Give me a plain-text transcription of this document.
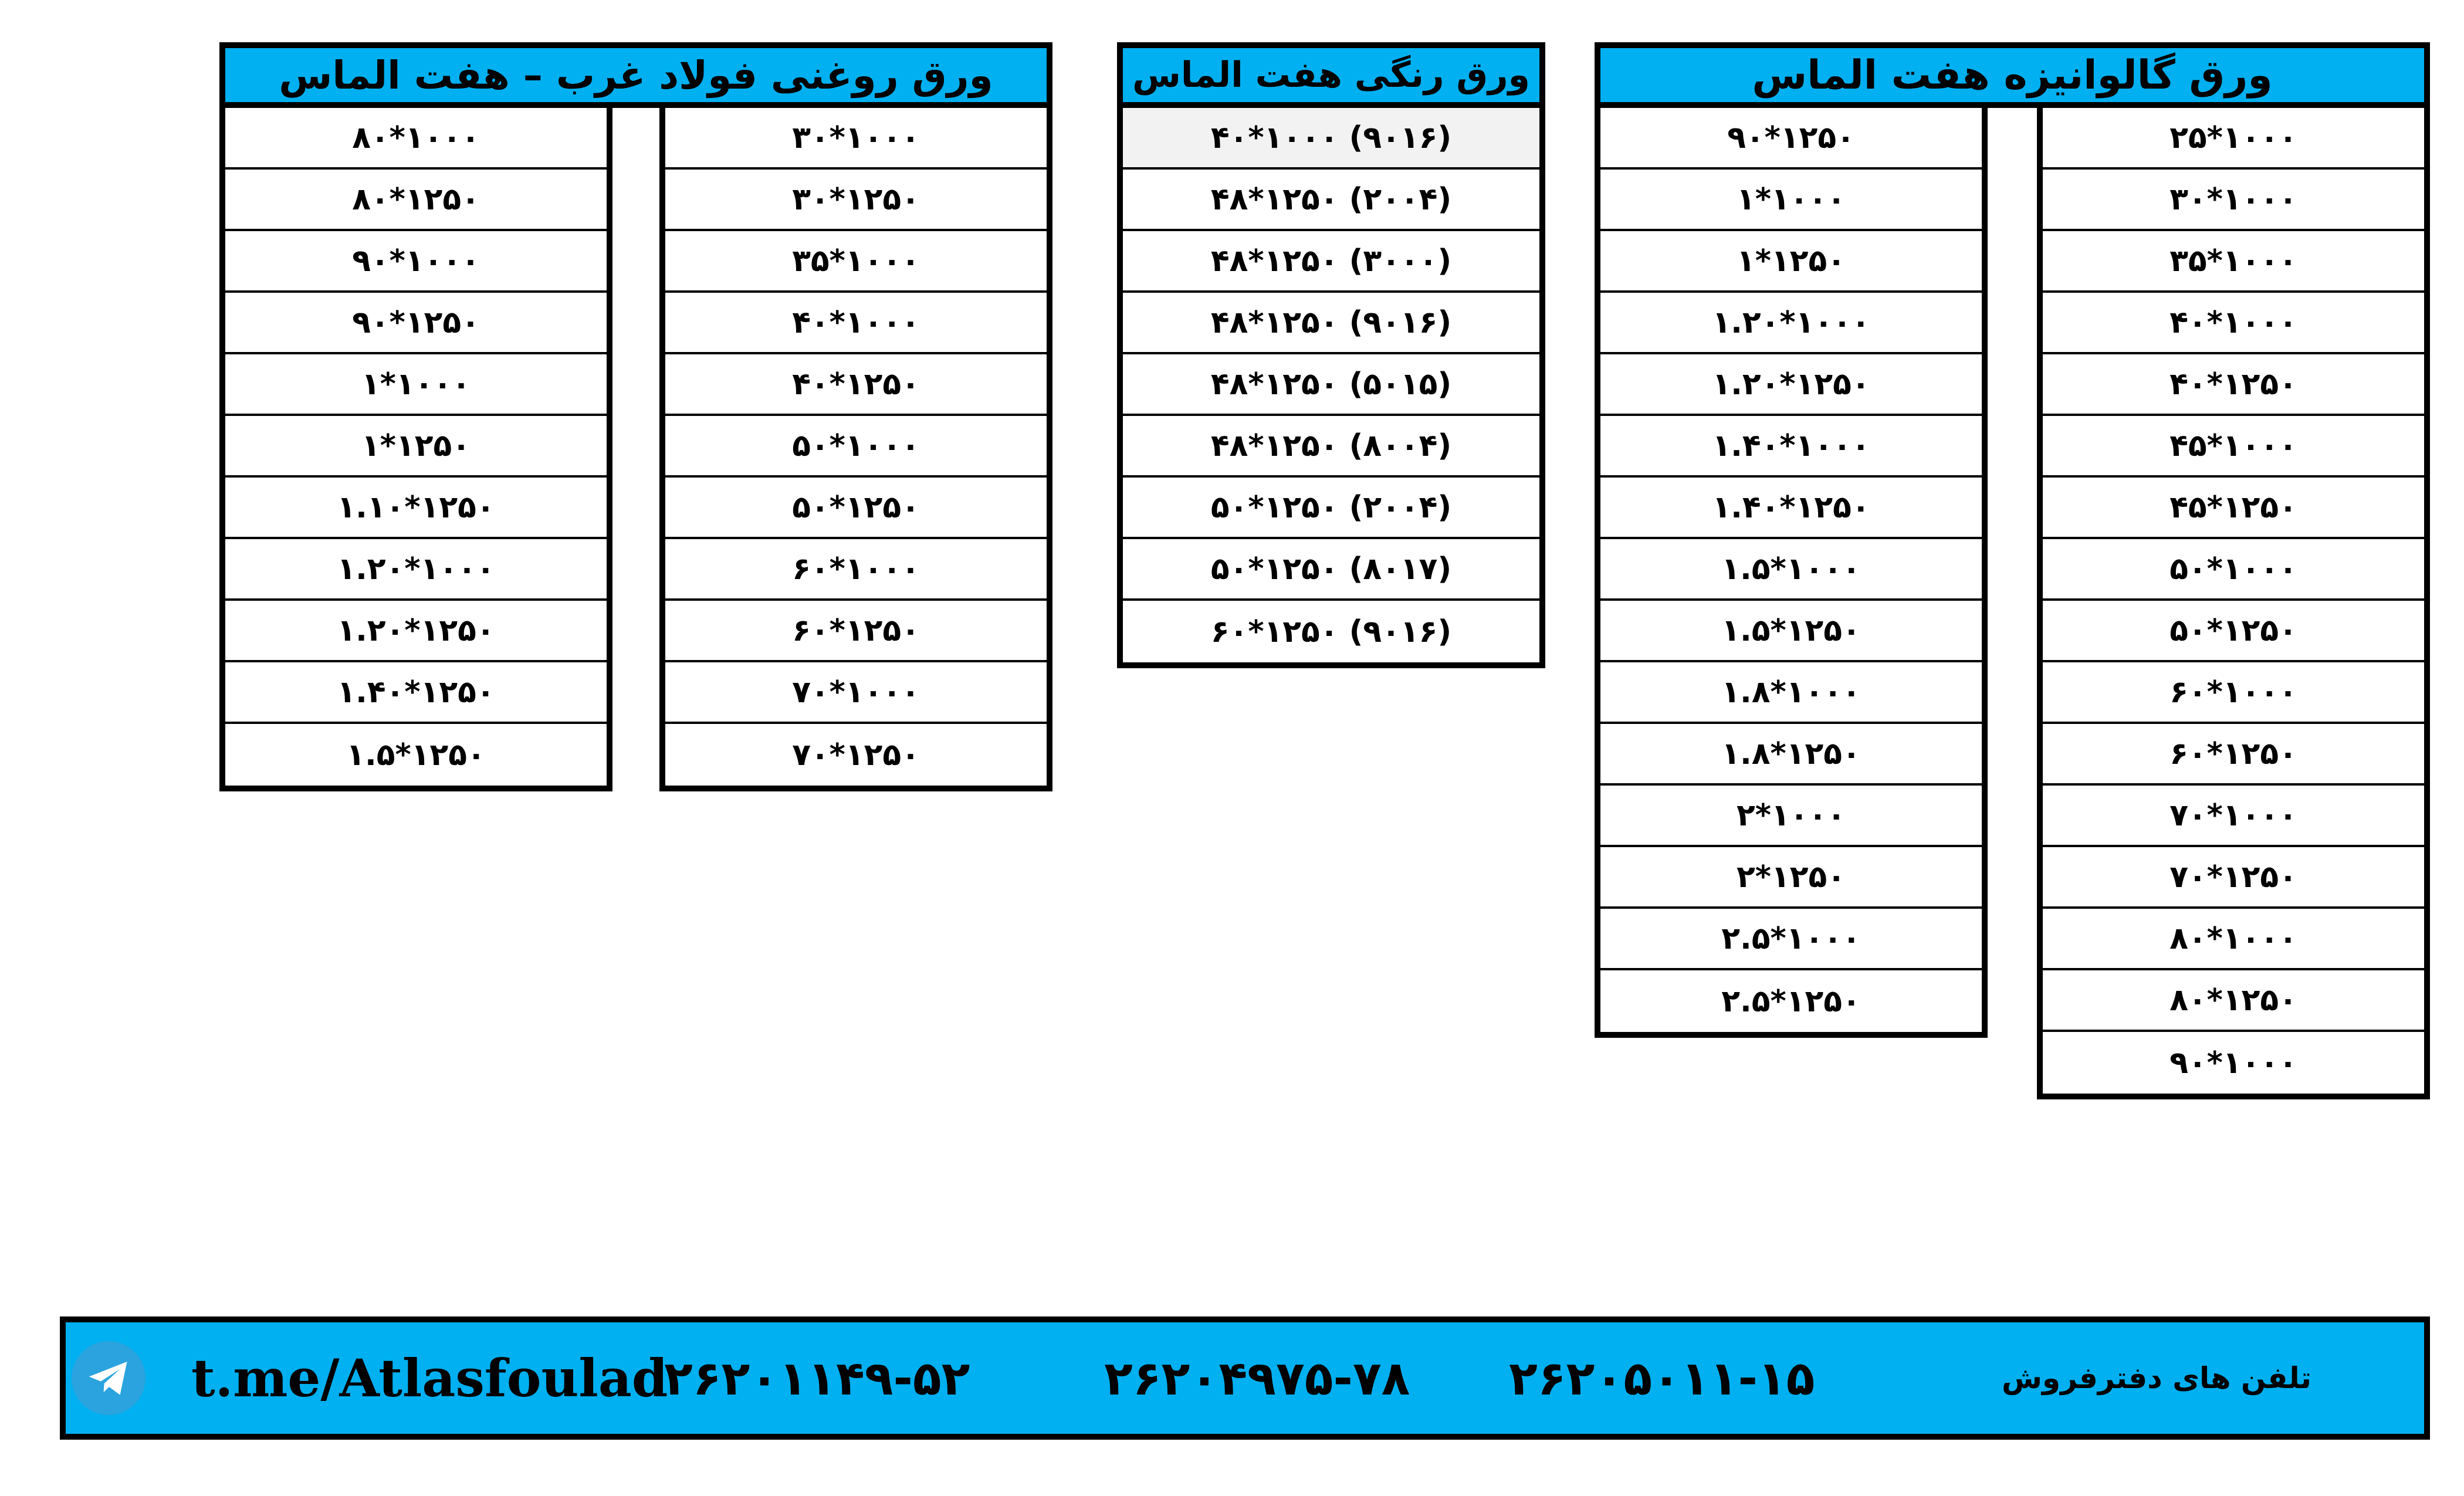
ورق روغنی فولاد غرب – هفت الماس
۸۰*۱۰۰۰
۸۰*۱۲۵۰
۹۰*۱۰۰۰
۹۰*۱۲۵۰
۱*۱۰۰۰
۱*۱۲۵۰
۱.۱۰*۱۲۵۰
۱.۲۰*۱۰۰۰
۱.۲۰*۱۲۵۰
۱.۴۰*۱۲۵۰
۱.۵*۱۲۵۰
۳۰*۱۰۰۰
۳۰*۱۲۵۰
۳۵*۱۰۰۰
۴۰*۱۰۰۰
۴۰*۱۲۵۰
۵۰*۱۰۰۰
۵۰*۱۲۵۰
۶۰*۱۰۰۰
۶۰*۱۲۵۰
۷۰*۱۰۰۰
۷۰*۱۲۵۰
ورق رنگی هفت الماس
۴۰*۱۰۰۰ (۹۰۱۶)
۴۸*۱۲۵۰ (۲۰۰۴)
۴۸*۱۲۵۰ (۳۰۰۰)
۴۸*۱۲۵۰ (۹۰۱۶)
۴۸*۱۲۵۰ (۵۰۱۵)
۴۸*۱۲۵۰ (۸۰۰۴)
۵۰*۱۲۵۰ (۲۰۰۴)
۵۰*۱۲۵۰ (۸۰۱۷)
۶۰*۱۲۵۰ (۹۰۱۶)
ورق گالوانیزه هفت الماس
۹۰*۱۲۵۰
۱*۱۰۰۰
۱*۱۲۵۰
۱.۲۰*۱۰۰۰
۱.۲۰*۱۲۵۰
۱.۴۰*۱۰۰۰
۱.۴۰*۱۲۵۰
۱.۵*۱۰۰۰
۱.۵*۱۲۵۰
۱.۸*۱۰۰۰
۱.۸*۱۲۵۰
۲*۱۰۰۰
۲*۱۲۵۰
۲.۵*۱۰۰۰
۲.۵*۱۲۵۰
۲۵*۱۰۰۰
۳۰*۱۰۰۰
۳۵*۱۰۰۰
۴۰*۱۰۰۰
۴۰*۱۲۵۰
۴۵*۱۰۰۰
۴۵*۱۲۵۰
۵۰*۱۰۰۰
۵۰*۱۲۵۰
۶۰*۱۰۰۰
۶۰*۱۲۵۰
۷۰*۱۰۰۰
۷۰*۱۲۵۰
۸۰*۱۰۰۰
۸۰*۱۲۵۰
۹۰*۱۰۰۰
t.me/Atlasfoulad
۲۶۲۰۱۱۴۹-۵۲	۲۶۲۰۴۹۷۵-۷۸ ۲۶۲۰۵۰۱۱-۱۵	تلفن های دفترفروش
